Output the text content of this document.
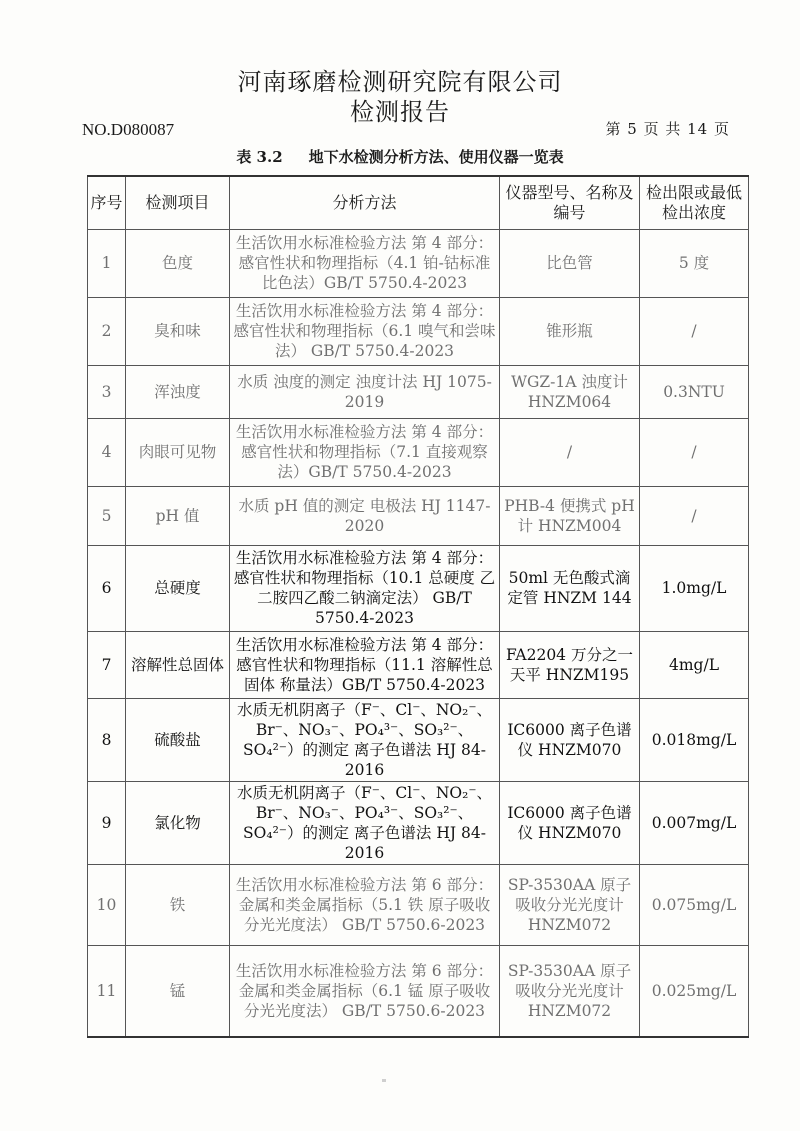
河南琢磨检测研究院有限公司
检测报告
NO.D080087	第 5 页 共 14 页
表 3.2 地下水检测分析方法、使用仪器一览表
序号	检测项目	分析方法	仪器型号、名称及编号	检出限或最低检出浓度
1	色度	生活饮用水标准检验方法 第 4 部分：感官性状和物理指标（4.1 铂-钴标准比色法）GB/T 5750.4-2023	比色管	5 度
2	臭和味	生活饮用水标准检验方法 第 4 部分：感官性状和物理指标（6.1 嗅气和尝味法） GB/T 5750.4-2023	锥形瓶	/
3	浑浊度	水质 浊度的测定 浊度计法 HJ 1075-2019	WGZ-1A 浊度计 HNZM064	0.3NTU
4	肉眼可见物	生活饮用水标准检验方法 第 4 部分：感官性状和物理指标（7.1 直接观察法）GB/T 5750.4-2023	/	/
5	pH 值	水质 pH 值的测定 电极法 HJ 1147-2020	PHB-4 便携式 pH 计 HNZM004	/
6	总硬度	生活饮用水标准检验方法 第 4 部分：感官性状和物理指标（10.1 总硬度 乙二胺四乙酸二钠滴定法） GB/T 5750.4-2023	50ml 无色酸式滴定管 HNZM 144	1.0mg/L
7	溶解性总固体	生活饮用水标准检验方法 第 4 部分：感官性状和物理指标（11.1 溶解性总固体 称量法）GB/T 5750.4-2023	FA2204 万分之一天平 HNZM195	4mg/L
8	硫酸盐	水质无机阴离子（F⁻、Cl⁻、NO₂⁻、Br⁻、NO₃⁻、PO₄³⁻、SO₃²⁻、SO₄²⁻）的测定 离子色谱法 HJ 84-2016	IC6000 离子色谱仪 HNZM070	0.018mg/L
9	氯化物	水质无机阴离子（F⁻、Cl⁻、NO₂⁻、Br⁻、NO₃⁻、PO₄³⁻、SO₃²⁻、SO₄²⁻）的测定 离子色谱法 HJ 84-2016	IC6000 离子色谱仪 HNZM070	0.007mg/L
10	铁	生活饮用水标准检验方法 第 6 部分：金属和类金属指标（5.1 铁 原子吸收分光光度法） GB/T 5750.6-2023	SP-3530AA 原子吸收分光光度计 HNZM072	0.075mg/L
11	锰	生活饮用水标准检验方法 第 6 部分：金属和类金属指标（6.1 锰 原子吸收分光光度法） GB/T 5750.6-2023	SP-3530AA 原子吸收分光光度计 HNZM072	0.025mg/L
